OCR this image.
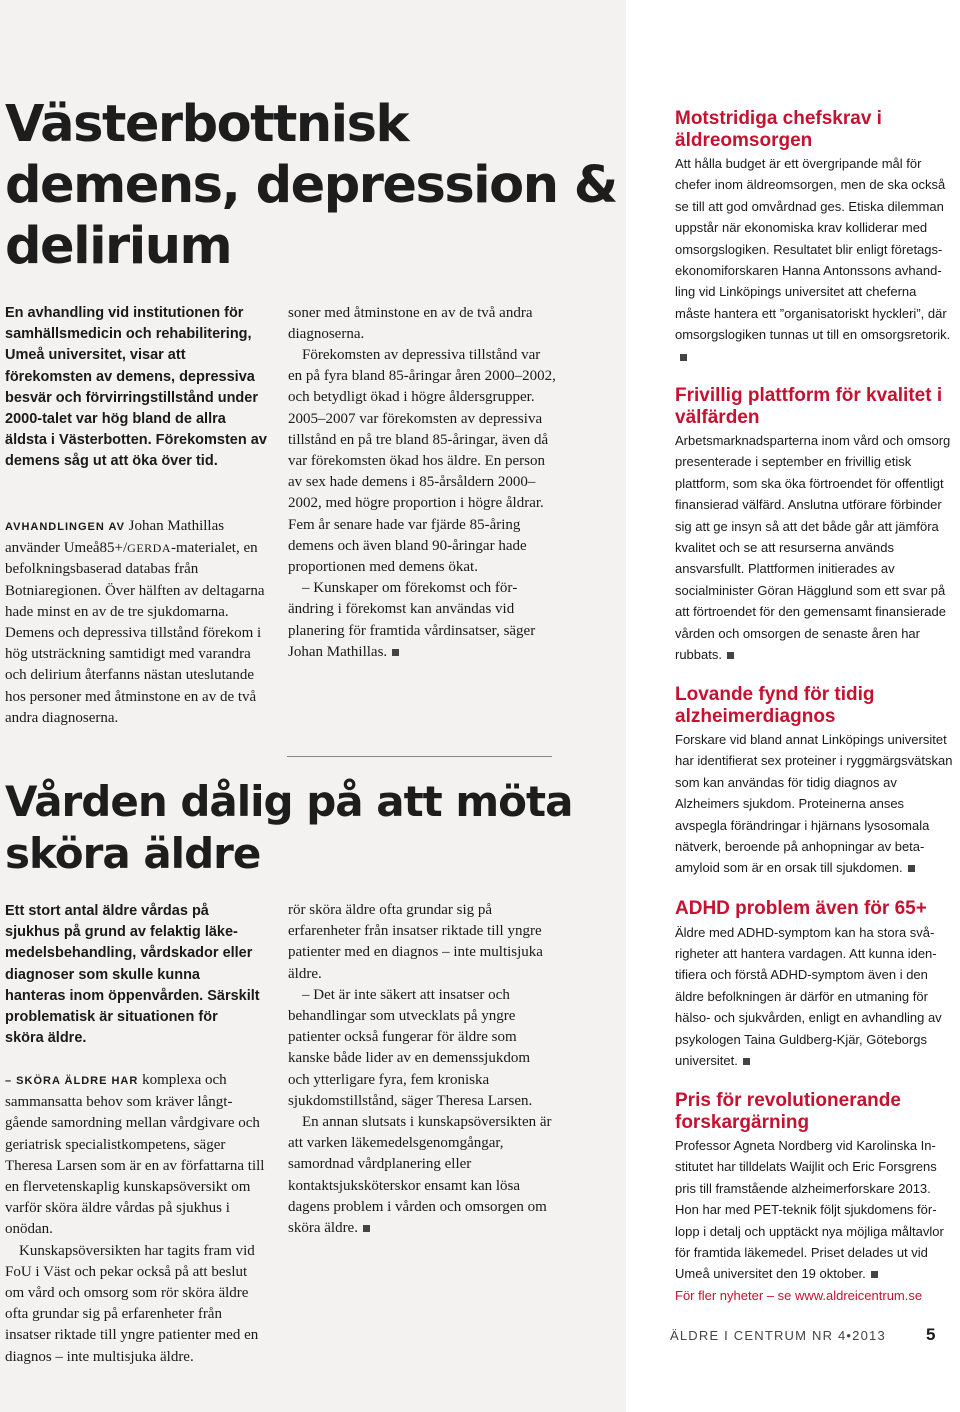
Västerbottnisk demens, depression & delirium
En avhandling vid institutionen för samhällsmedicin och rehabilitering, Umeå universitet, visar att förekomsten av demens, depressiva besvär och förvirringstillstånd under 2000-talet var hög bland de allra äldsta i Västerbotten. Förekomsten av demens såg ut att öka över tid.

AVHANDLINGEN AV Johan Mathillas använder Umeå85+/GERDA-materialet, en befolkningsbaserad databas från Botniaregionen. Över hälften av deltagarna hade minst en av de tre sjukdomarna. Demens och depressiva tillstånd förekom i hög utsträckning samtidigt med varandra och delirium återfanns nästan uteslutande hos personer med åtminstone en av de två andra diagnoserna.

soner med åtminstone en av de två andra diagnoserna.

Förekomsten av depressiva tillstånd var en på fyra bland 85-åringar åren 2000–2002, och betydligt ökad i högre åldersgrupper. 2005–2007 var förekomsten av depressiva tillstånd en på tre bland 85-åringar, även då var förekomsten ökad hos äldre. En person av sex hade demens i 85-årsåldern 2000–2002, med högre proportion i högre åldrar. Fem år senare hade var fjärde 85-åring demens och även bland 90-åringar hade proportionen med demens ökat.

– Kunskaper om förekomst och förändring i förekomst kan användas vid planering för framtida vårdinsatser, säger Johan Mathillas.

Vården dålig på att möta sköra äldre
Ett stort antal äldre vårdas på sjukhus på grund av felaktig läkemedelsbehandling, vårdskador eller diagnoser som skulle kunna hanteras inom öppenvården. Särskilt problematisk är situationen för sköra äldre.

– SKÖRA ÄLDRE HAR komplexa och sammansatta behov som kräver långtgående samordning mellan vårdgivare och geriatrisk specialistkompetens, säger Theresa Larsen som är en av författarna till en flervetenskaplig kunskapsöversikt om varför sköra äldre vårdas på sjukhus i onödan.

Kunskapsöversikten har tagits fram vid FoU i Väst och pekar också på att beslut om vård och omsorg som rör sköra äldre ofta grundar sig på erfarenheter från insatser riktade till yngre patienter med en diagnos – inte multisjuka äldre.

rör sköra äldre ofta grundar sig på erfarenheter från insatser riktade till yngre patienter med en diagnos – inte multisjuka äldre.

– Det är inte säkert att insatser och behandlingar som utvecklats på yngre patienter också fungerar för äldre som kanske både lider av en demenssjukdom och ytterligare fyra, fem kroniska sjukdomstillstånd, säger Theresa Larsen.

En annan slutsats i kunskapsöversikten är att varken läkemedelsgenomgångar, samordnad vårdplanering eller kontaktsjuksköterskor ensamt kan lösa dagens problem i vården och omsorgen om sköra äldre.

Motstridiga chefskrav i äldreomsorgen

Att hålla budget är ett övergripande mål för chefer inom äldreomsorgen, men de ska också se till att god omvårdnad ges. Etiska dilemman uppstår när ekonomiska krav kolliderar med omsorgslogiken. Resultatet blir enligt företagsekonomiforskaren Hanna Antonssons avhandling vid Linköpings universitet att cheferna måste hantera ett ”organisatoriskt hyckleri”, där omsorgslogiken tunnas ut till en omsorgsretorik.

Frivillig plattform för kvalitet i välfärden

Arbetsmarknadsparterna inom vård och omsorg presenterade i september en frivillig etisk plattform, som ska öka förtroendet för offentligt finansierad välfärd. Anslutna utförare förbinder sig att ge insyn så att det både går att jämföra kvalitet och se att resurserna används ansvarsfullt. Plattformen initierades av socialminister Göran Hägglund som ett svar på att förtroendet för den gemensamt finansierade vården och omsorgen de senaste åren har rubbats.

Lovande fynd för tidig alzheimerdiagnos

Forskare vid bland annat Linköpings universitet har identifierat sex proteiner i ryggmärgsvätskan som kan användas för tidig diagnos av Alzheimers sjukdom. Proteinerna anses avspegla förändringar i hjärnans lysosomala nätverk, beroende på anhopningar av beta-amyloid som är en orsak till sjukdomen.

ADHD problem även för 65+

Äldre med ADHD-symptom kan ha stora svårigheter att hantera vardagen. Att kunna identifiera och förstå ADHD-symptom även i den äldre befolkningen är därför en utmaning för hälso- och sjukvården, enligt en avhandling av psykologen Taina Guldberg-Kjär, Göteborgs universitet.

Pris för revolutionerande forskargärning

Professor Agneta Nordberg vid Karolinska Institutet har tilldelats Waijlit och Eric Forsgrens pris till framstående alzheimerforskare 2013. Hon har med PET-teknik följt sjukdomens förlopp i detalj och upptäckt nya möjliga måltavlor för framtida läkemedel. Priset delades ut vid Umeå universitet den 19 oktober.

För fler nyheter – se www.aldreicentrum.se

ÄLDRE I CENTRUM NR 4•2013	5
